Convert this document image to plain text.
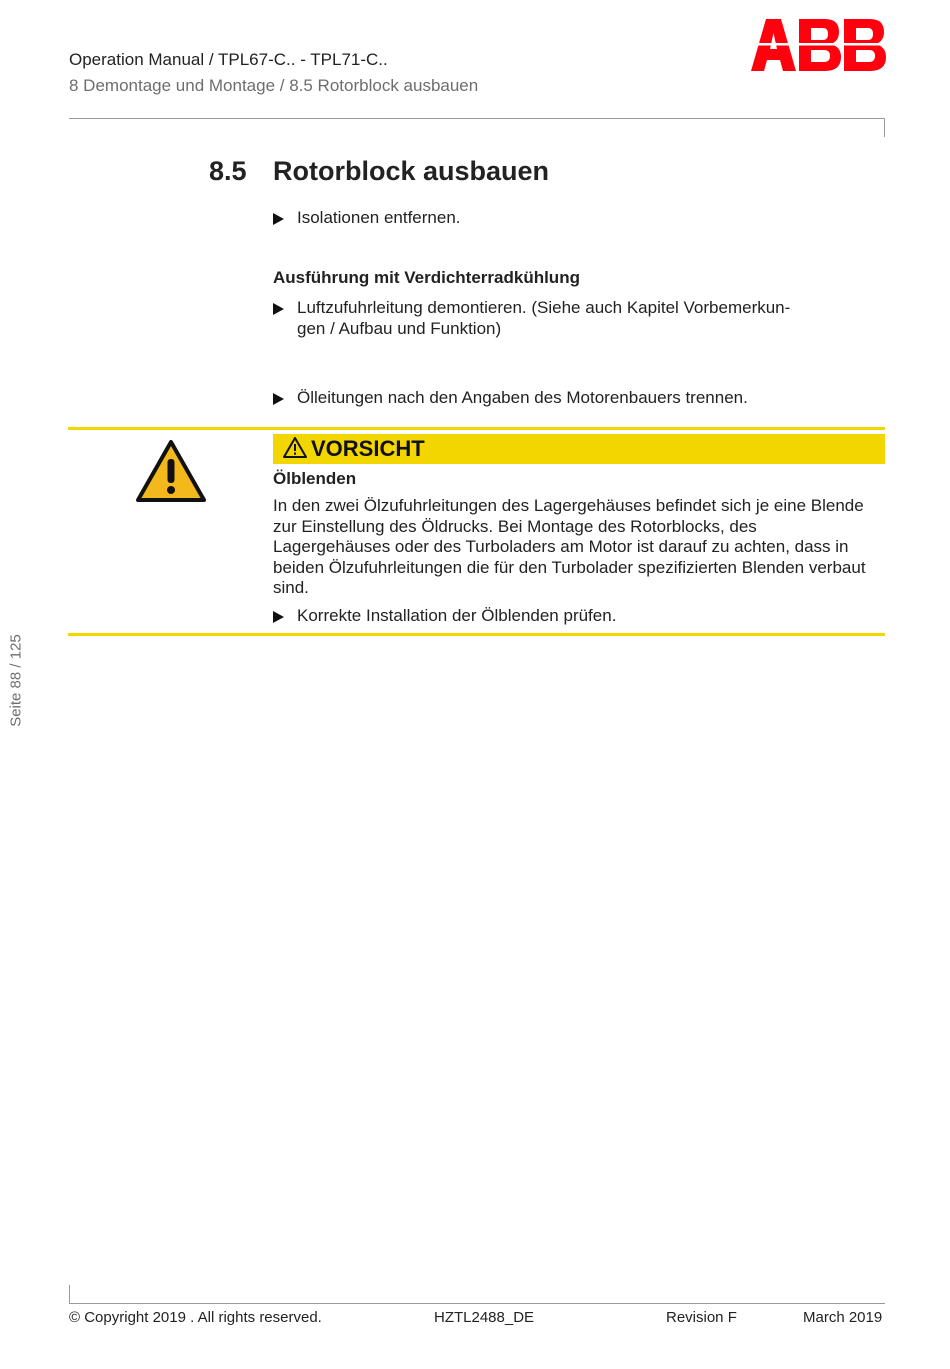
Operation Manual / TPL67-C.. - TPL71-C..
8 Demontage und Montage / 8.5 Rotorblock ausbauen
8.5 Rotorblock ausbauen
Isolationen entfernen.
Ausführung mit Verdichterradkühlung
Luftzufuhrleitung demontieren. (Siehe auch Kapitel Vorbemerkun-
gen / Aufbau und Funktion)
Ölleitungen nach den Angaben des Motorenbauers trennen.
VORSICHT
Ölblenden
In den zwei Ölzufuhrleitungen des Lagergehäuses befindet sich je eine Blende zur Einstellung des Öldrucks. Bei Montage des Rotorblocks, des Lagergehäuses oder des Turboladers am Motor ist darauf zu achten, dass in beiden Ölzufuhrleitungen die für den Turbolader spezifizierten Blenden verbaut sind.
Korrekte Installation der Ölblenden prüfen.
Seite 88 / 125
© Copyright 2019 . All rights reserved.	HZTL2488_DE	Revision F	March 2019
